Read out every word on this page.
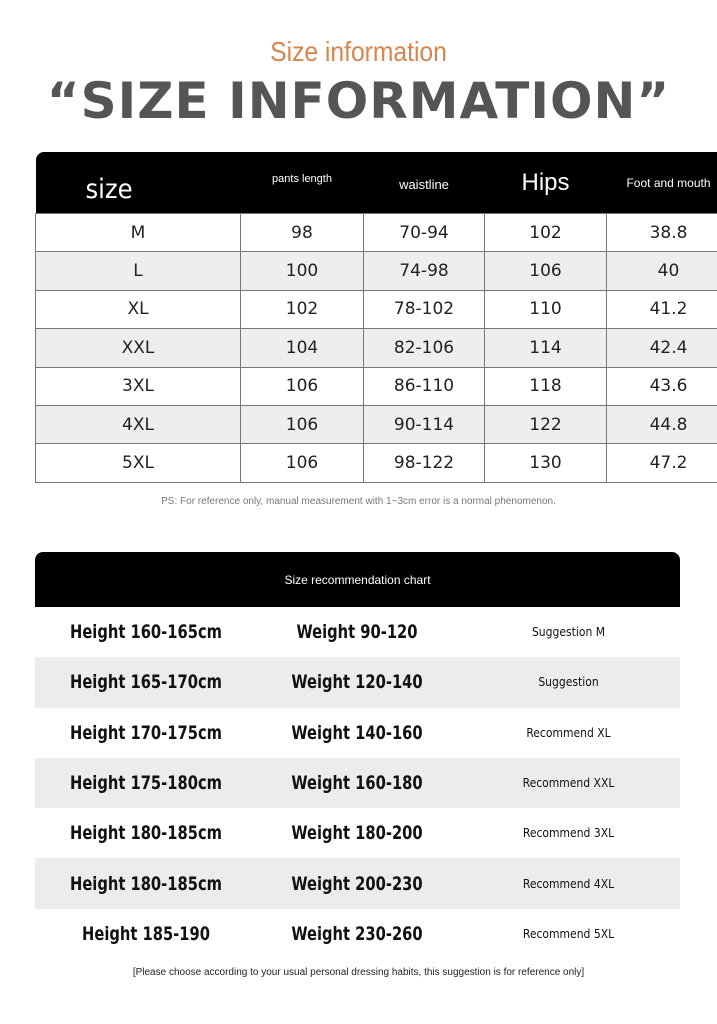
Size information
“SIZE INFORMATION”
size	pants length	waistline	Hips	Foot and mouth
M	98	70-94	102	38.8
L	100	74-98	106	40
XL	102	78-102	110	41.2
XXL	104	82-106	114	42.4
3XL	106	86-110	118	43.6
4XL	106	90-114	122	44.8
5XL	106	98-122	130	47.2
PS: For reference only, manual measurement with 1~3cm error is a normal phenomenon.
Size recommendation chart
Height 160-165cm	Weight 90-120	Suggestion M
Height 165-170cm	Weight 120-140	Suggestion
Height 170-175cm	Weight 140-160	Recommend XL
Height 175-180cm	Weight 160-180	Recommend XXL
Height 180-185cm	Weight 180-200	Recommend 3XL
Height 180-185cm	Weight 200-230	Recommend 4XL
Height 185-190	Weight 230-260	Recommend 5XL
[Please choose according to your usual personal dressing habits, this suggestion is for reference only]
